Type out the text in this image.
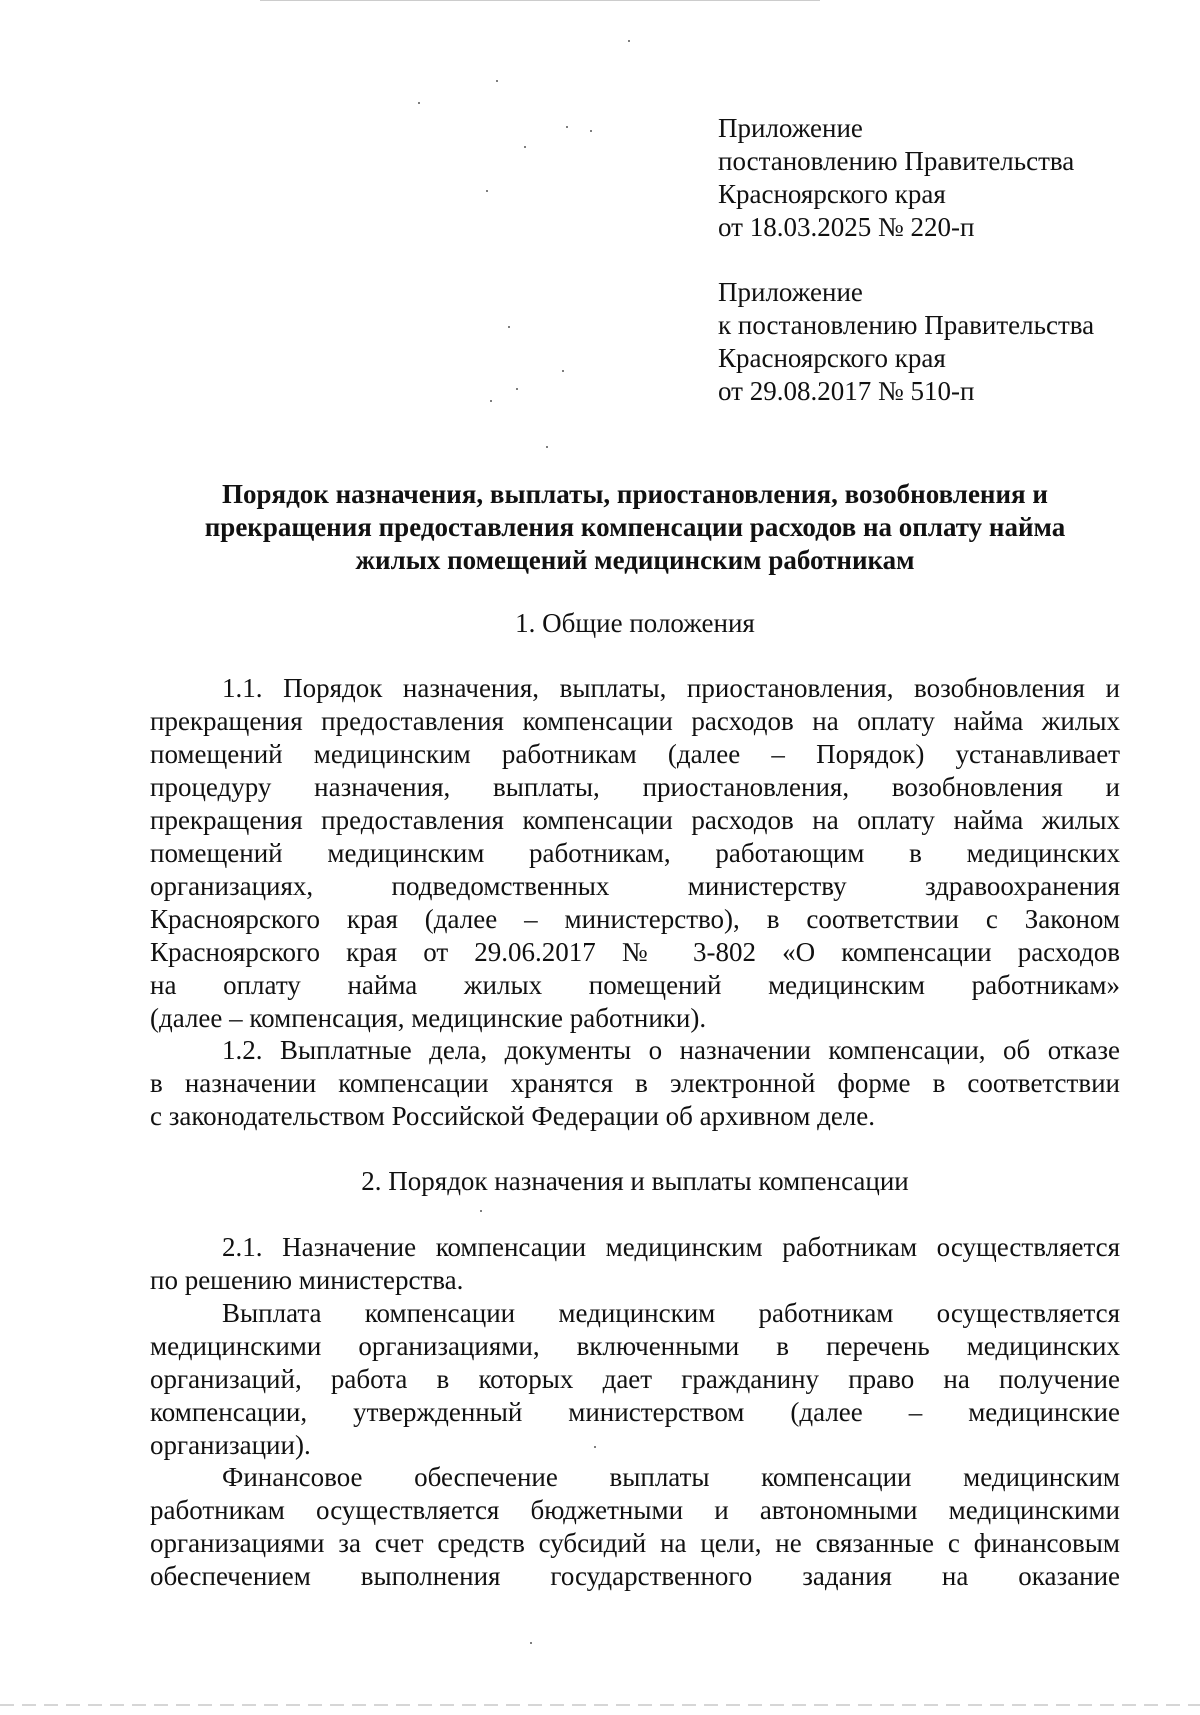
Приложение
постановлению Правительства
Красноярского края
от 18.03.2025 № 220-п
Приложение
к постановлению Правительства
Красноярского края
от 29.08.2017 № 510-п
Порядок назначения, выплаты, приостановления, возобновления и
прекращения предоставления компенсации расходов на оплату найма
жилых помещений медицинским работникам
1. Общие положения
1.1. Порядок назначения, выплаты, приостановления, возобновления и
прекращения предоставления компенсации расходов на оплату найма жилых
помещений медицинским работникам (далее – Порядок) устанавливает
процедуру назначения, выплаты, приостановления, возобновления и
прекращения предоставления компенсации расходов на оплату найма жилых
помещений медицинским работникам, работающим в медицинских
организациях, подведомственных министерству здравоохранения
Красноярского края (далее – министерство), в соответствии с Законом
Красноярского края от 29.06.2017 № 3-802 «О компенсации расходов
на оплату найма жилых помещений медицинским работникам»
(далее – компенсация, медицинские работники).
1.2. Выплатные дела, документы о назначении компенсации, об отказе
в назначении компенсации хранятся в электронной форме в соответствии
с законодательством Российской Федерации об архивном деле.
2. Порядок назначения и выплаты компенсации
2.1. Назначение компенсации медицинским работникам осуществляется
по решению министерства.
Выплата компенсации медицинским работникам осуществляется
медицинскими организациями, включенными в перечень медицинских
организаций, работа в которых дает гражданину право на получение
компенсации, утвержденный министерством (далее – медицинские
организации).
Финансовое обеспечение выплаты компенсации медицинским
работникам осуществляется бюджетными и автономными медицинскими
организациями за счет средств субсидий на цели, не связанные с финансовым
обеспечением выполнения государственного задания на оказание
